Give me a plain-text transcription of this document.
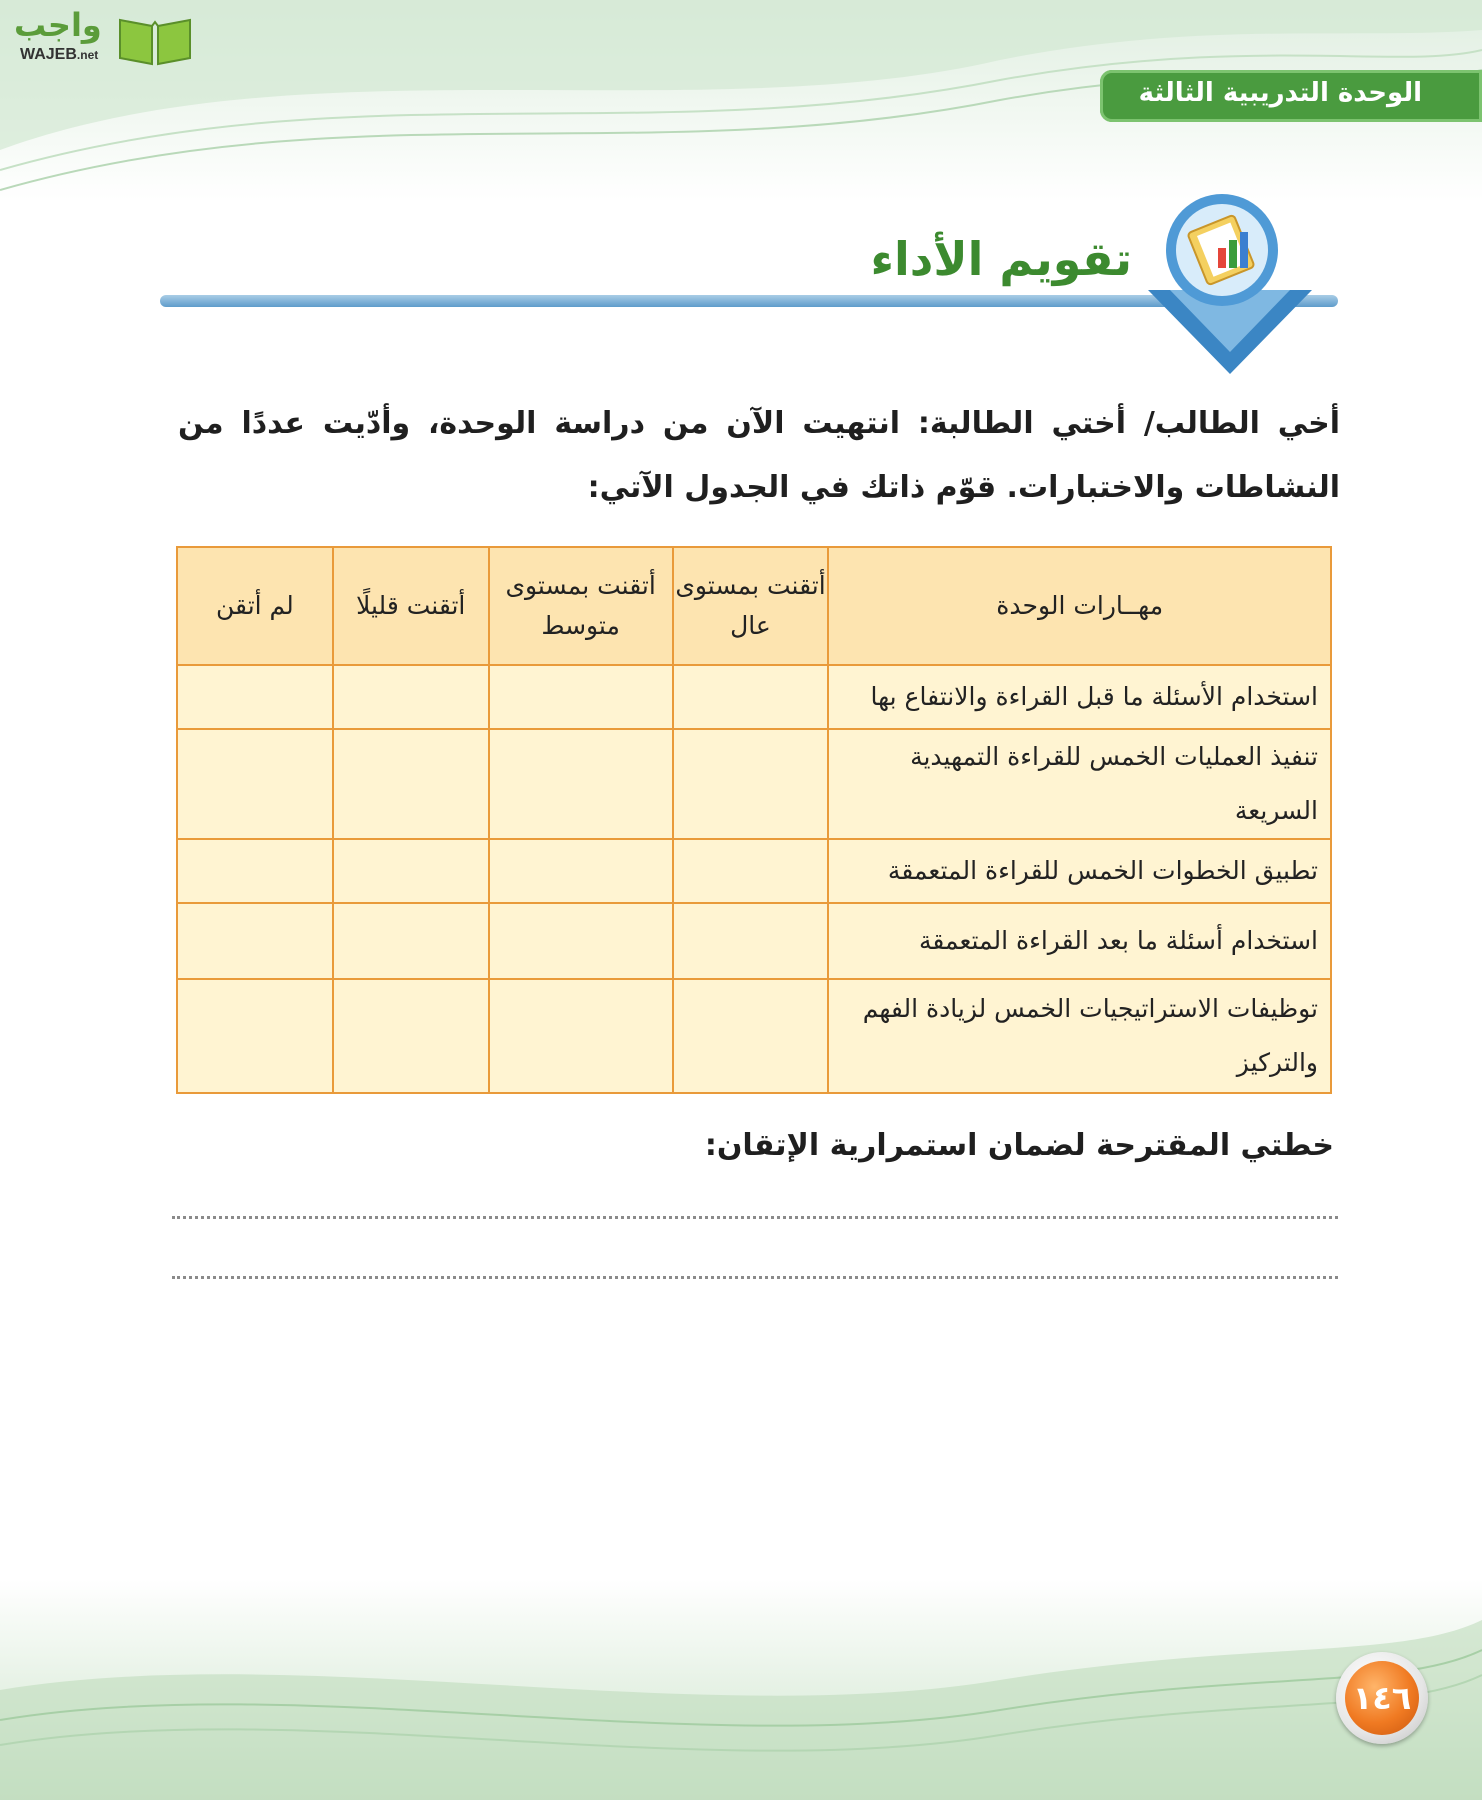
واجب
WAJEB.net
الوحدة التدريبية الثالثة
تقويم الأداء
أخي الطالب/ أختي الطالبة: انتهيت الآن من دراسة الوحدة، وأدّيت عددًا من النشاطات والاختبارات. قوّم ذاتك في الجدول الآتي:
مهــارات الوحدة	أتقنت بمستوى عال	أتقنت بمستوى متوسط	أتقنت قليلًا	لم أتقن
استخدام الأسئلة ما قبل القراءة والانتفاع بها				
تنفيذ العمليات الخمس للقراءة التمهيدية السريعة				
تطبيق الخطوات الخمس للقراءة المتعمقة				
استخدام أسئلة ما بعد القراءة المتعمقة				
توظيفات الاستراتيجيات الخمس لزيادة الفهم والتركيز				
خطتي المقترحة لضمان استمرارية الإتقان:
١٤٦
